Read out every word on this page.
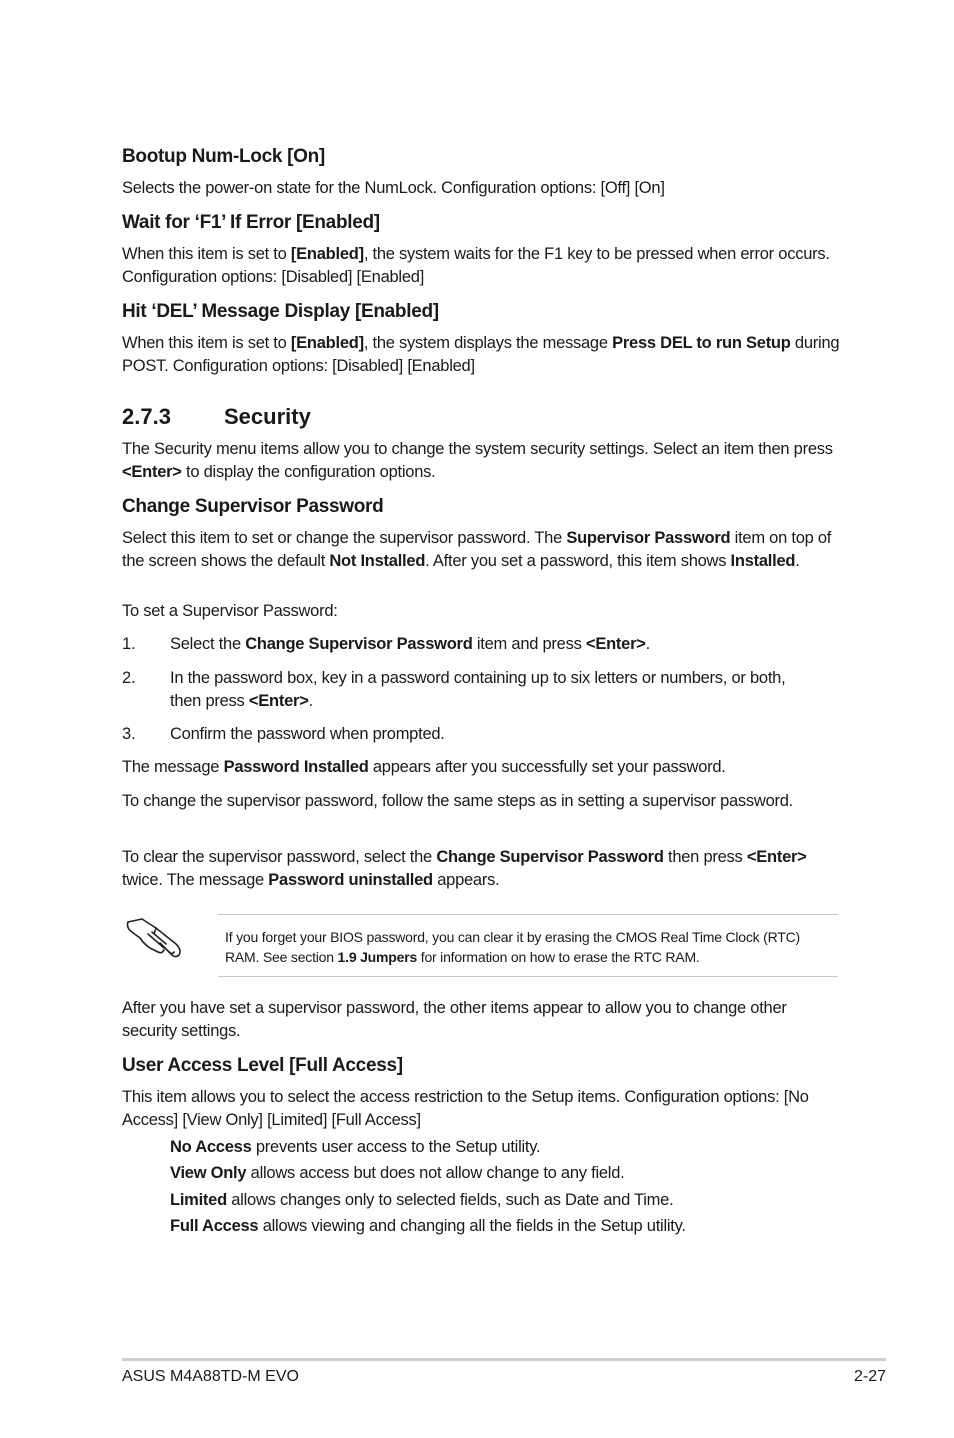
Bootup Num-Lock [On]

Selects the power-on state for the NumLock. Configuration options: [Off] [On]

Wait for ‘F1’ If Error [Enabled]

When this item is set to [Enabled], the system waits for the F1 key to be pressed when error occurs. Configuration options: [Disabled] [Enabled]

Hit ‘DEL’ Message Display [Enabled]

When this item is set to [Enabled], the system displays the message Press DEL to run Setup during POST. Configuration options: [Disabled] [Enabled]

2.7.3 Security

The Security menu items allow you to change the system security settings. Select an item then press <Enter> to display the configuration options.

Change Supervisor Password

Select this item to set or change the supervisor password. The Supervisor Password item on top of the screen shows the default Not Installed. After you set a password, this item shows Installed.

To set a Supervisor Password:

1. Select the Change Supervisor Password item and press <Enter>.
2. In the password box, key in a password containing up to six letters or numbers, or both, then press <Enter>.
3. Confirm the password when prompted.

The message Password Installed appears after you successfully set your password.

To change the supervisor password, follow the same steps as in setting a supervisor password.

To clear the supervisor password, select the Change Supervisor Password then press <Enter> twice. The message Password uninstalled appears.

After you have set a supervisor password, the other items appear to allow you to change other security settings.

User Access Level [Full Access]

This item allows you to select the access restriction to the Setup items. Configuration options: [No Access] [View Only] [Limited] [Full Access]

No Access prevents user access to the Setup utility.
View Only allows access but does not allow change to any field.
Limited allows changes only to selected fields, such as Date and Time.
Full Access allows viewing and changing all the fields in the Setup utility.
If you forget your BIOS password, you can clear it by erasing the CMOS Real Time Clock (RTC) RAM. See section 1.9 Jumpers for information on how to erase the RTC RAM.
ASUS M4A88TD-M EVO	2-27
